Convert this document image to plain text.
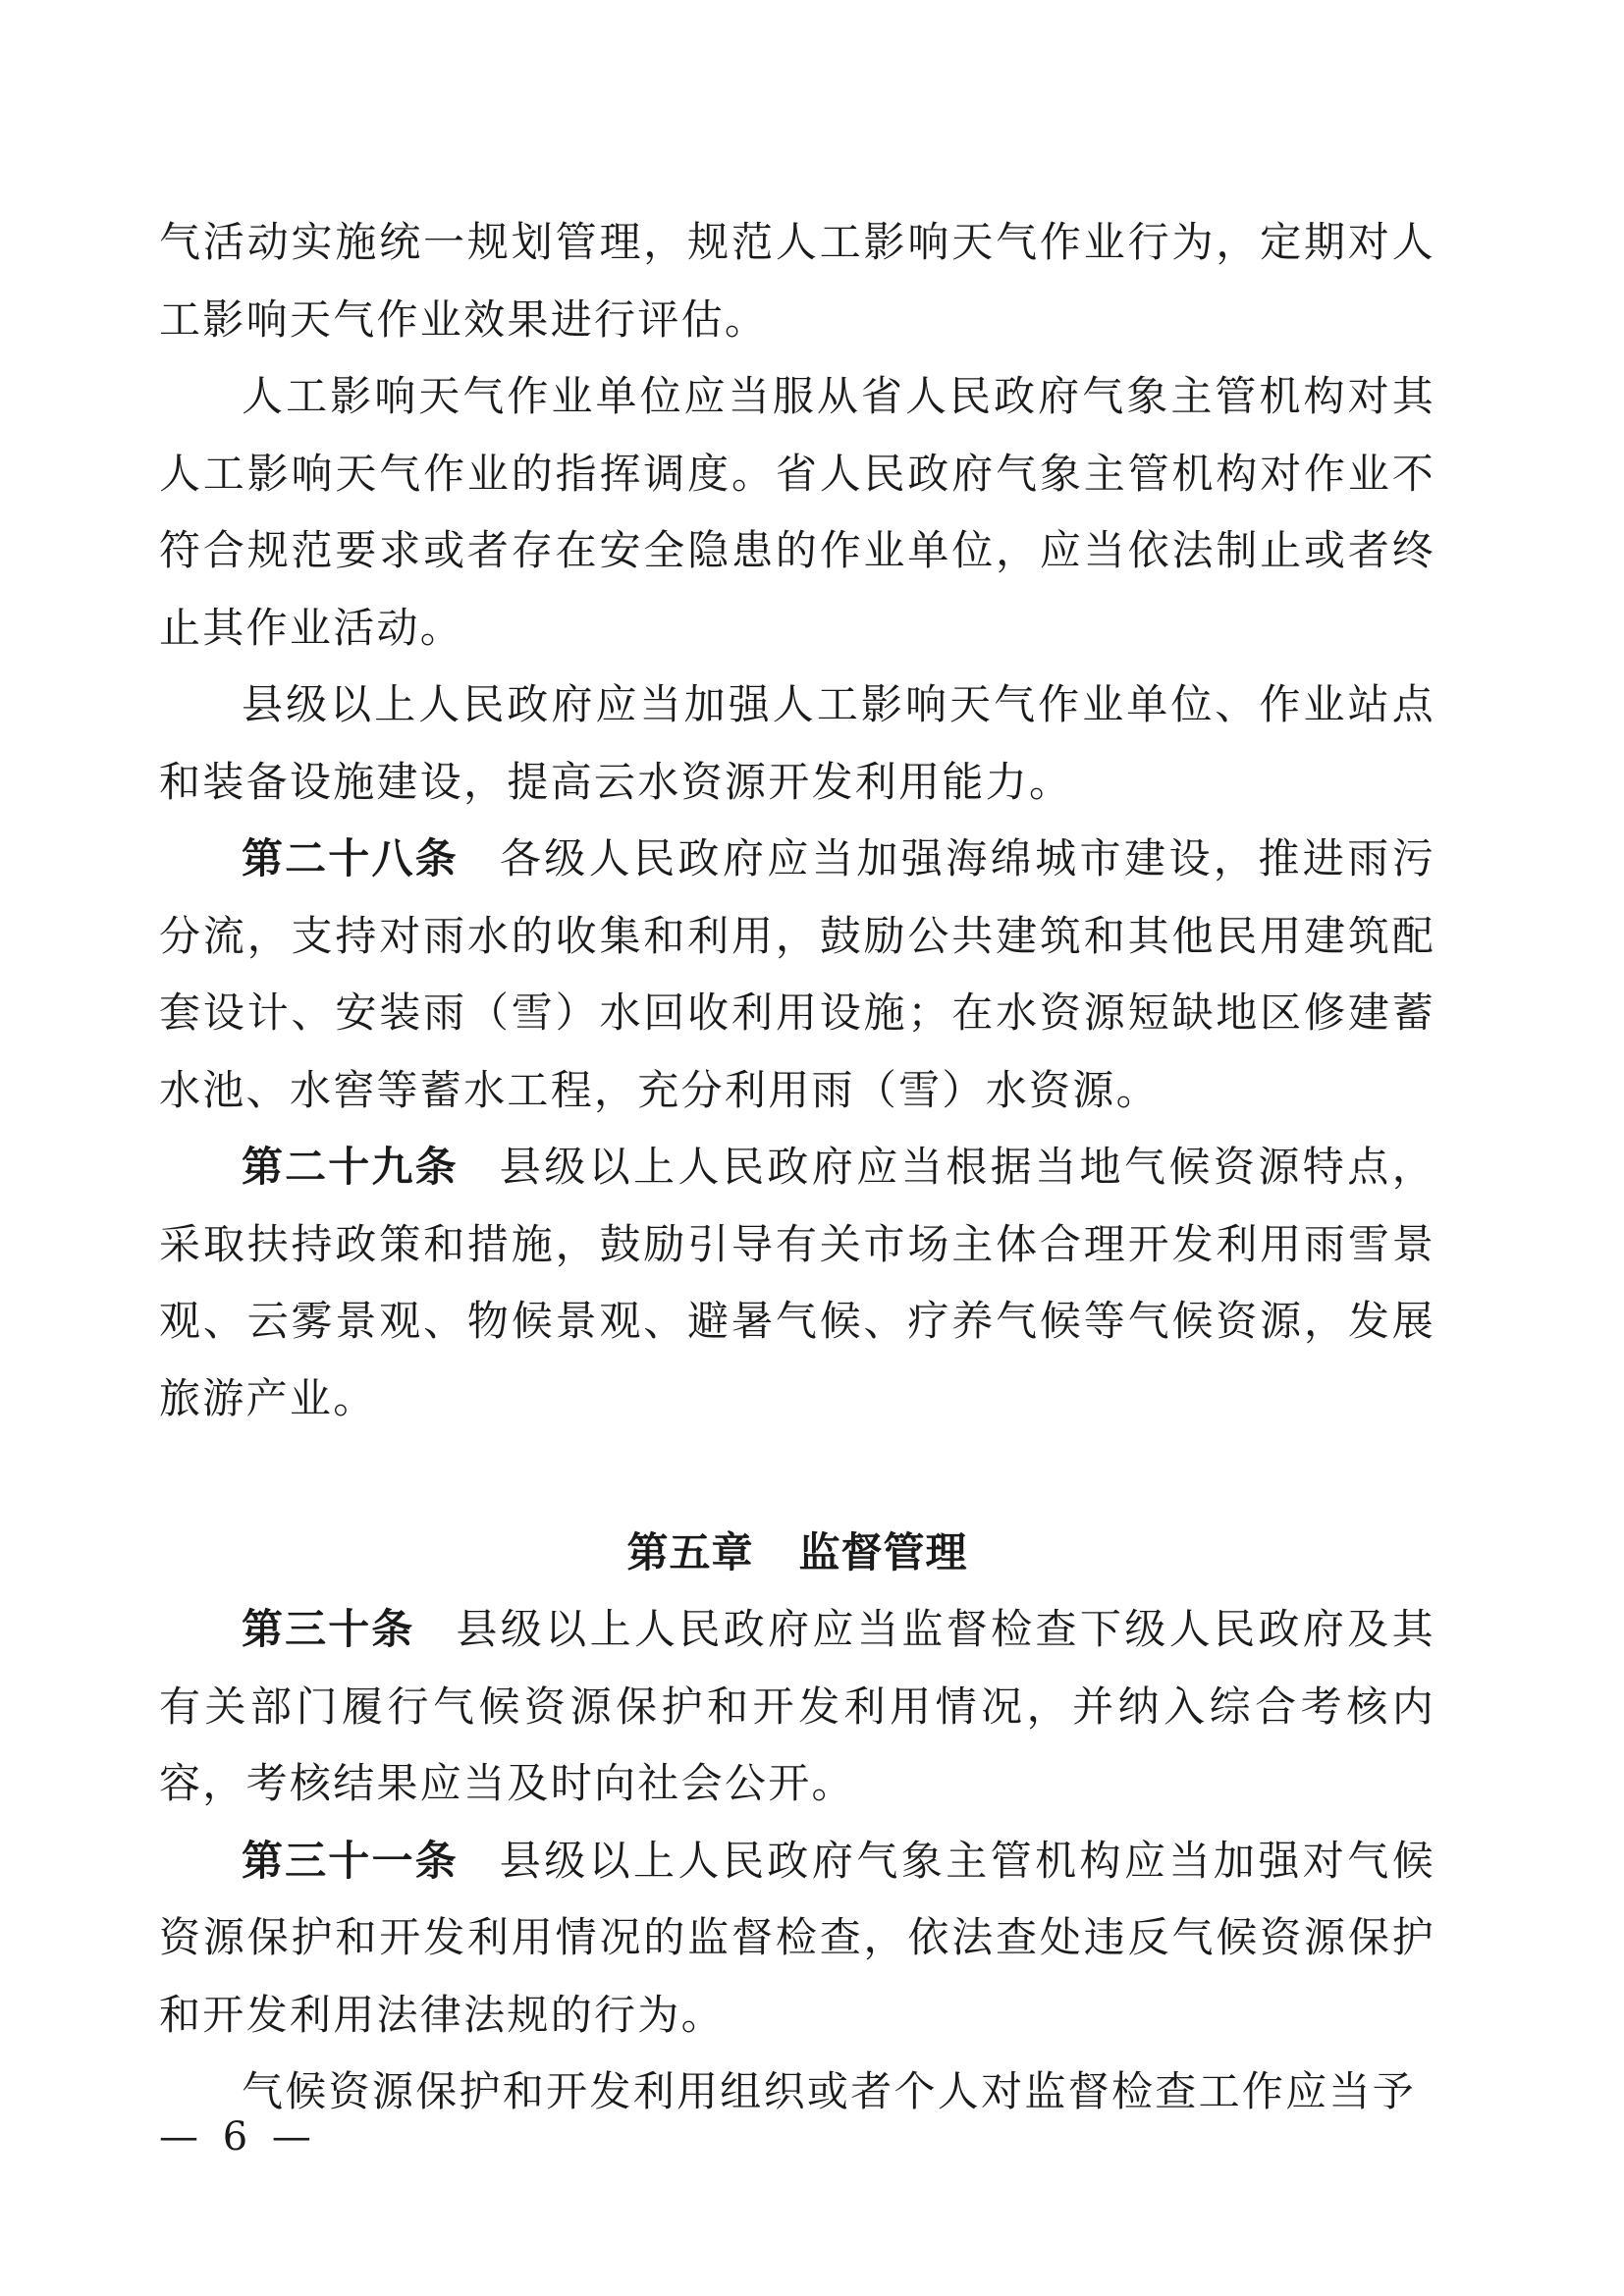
气活动实施统一规划管理，规范人工影响天气作业行为，定期对人工影响天气作业效果进行评估。

人工影响天气作业单位应当服从省人民政府气象主管机构对其人工影响天气作业的指挥调度。省人民政府气象主管机构对作业不符合规范要求或者存在安全隐患的作业单位，应当依法制止或者终止其作业活动。

县级以上人民政府应当加强人工影响天气作业单位、作业站点和装备设施建设，提高云水资源开发利用能力。

第二十八条 各级人民政府应当加强海绵城市建设，推进雨污分流，支持对雨水的收集和利用，鼓励公共建筑和其他民用建筑配套设计、安装雨（雪）水回收利用设施；在水资源短缺地区修建蓄水池、水窖等蓄水工程，充分利用雨（雪）水资源。

第二十九条 县级以上人民政府应当根据当地气候资源特点，采取扶持政策和措施，鼓励引导有关市场主体合理开发利用雨雪景观、云雾景观、物候景观、避暑气候、疗养气候等气候资源，发展旅游产业。

第五章 监督管理

第三十条 县级以上人民政府应当监督检查下级人民政府及其有关部门履行气候资源保护和开发利用情况，并纳入综合考核内容，考核结果应当及时向社会公开。

第三十一条 县级以上人民政府气象主管机构应当加强对气候资源保护和开发利用情况的监督检查，依法查处违反气候资源保护和开发利用法律法规的行为。

气候资源保护和开发利用组织或者个人对监督检查工作应当予

— 6 —
